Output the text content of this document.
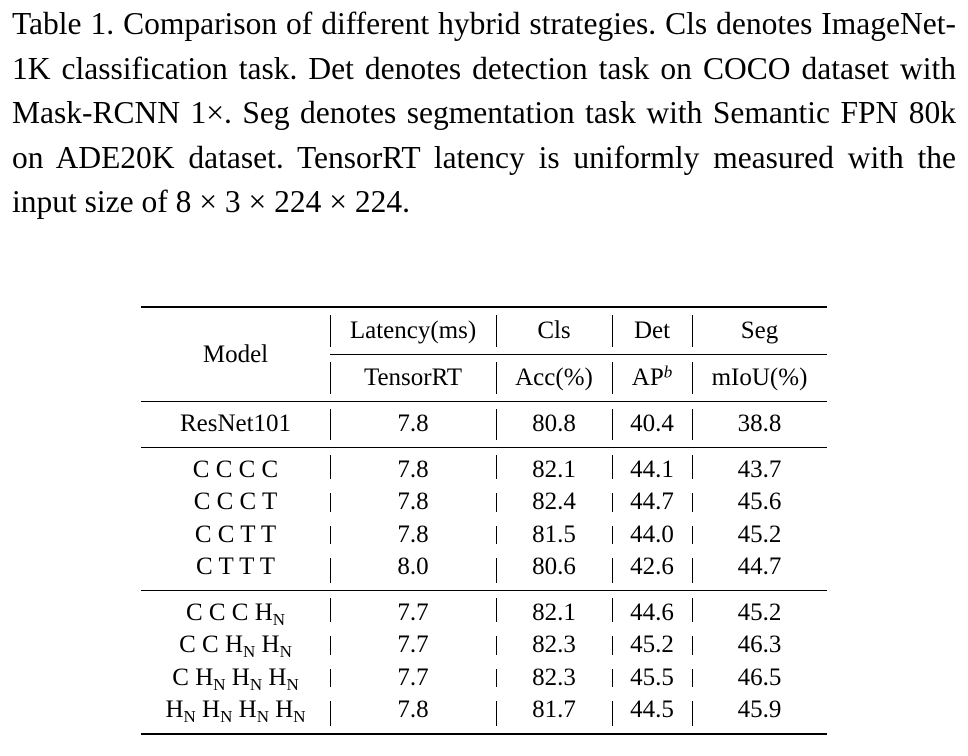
Table 1. Comparison of different hybrid strategies. Cls denotes ImageNet-1K classification task. Det denotes detection task on COCO dataset with Mask-RCNN 1×. Seg denotes segmentation task with Semantic FPN 80k on ADE20K dataset. TensorRT latency is uniformly measured with the input size of 8 × 3 × 224 × 224.

Model	Latency(ms)	Cls	Det	Seg
	TensorRT	Acc(%)	$AP^b$	mIoU(%)
ResNet101	7.8	80.8	40.4	38.8
C C C C	7.8	82.1	44.1	43.7
C C C T	7.8	82.4	44.7	45.6
C C T T	7.8	81.5	44.0	45.2
C T T T	8.0	80.6	42.6	44.7
C C C $H_N$	7.7	82.1	44.6	45.2
C C $H_N$ $H_N$	7.7	82.3	45.2	46.3
C $H_N$ $H_N$ $H_N$	7.7	82.3	45.5	46.5
$H_N$ $H_N$ $H_N$ $H_N$	7.8	81.7	44.5	45.9
